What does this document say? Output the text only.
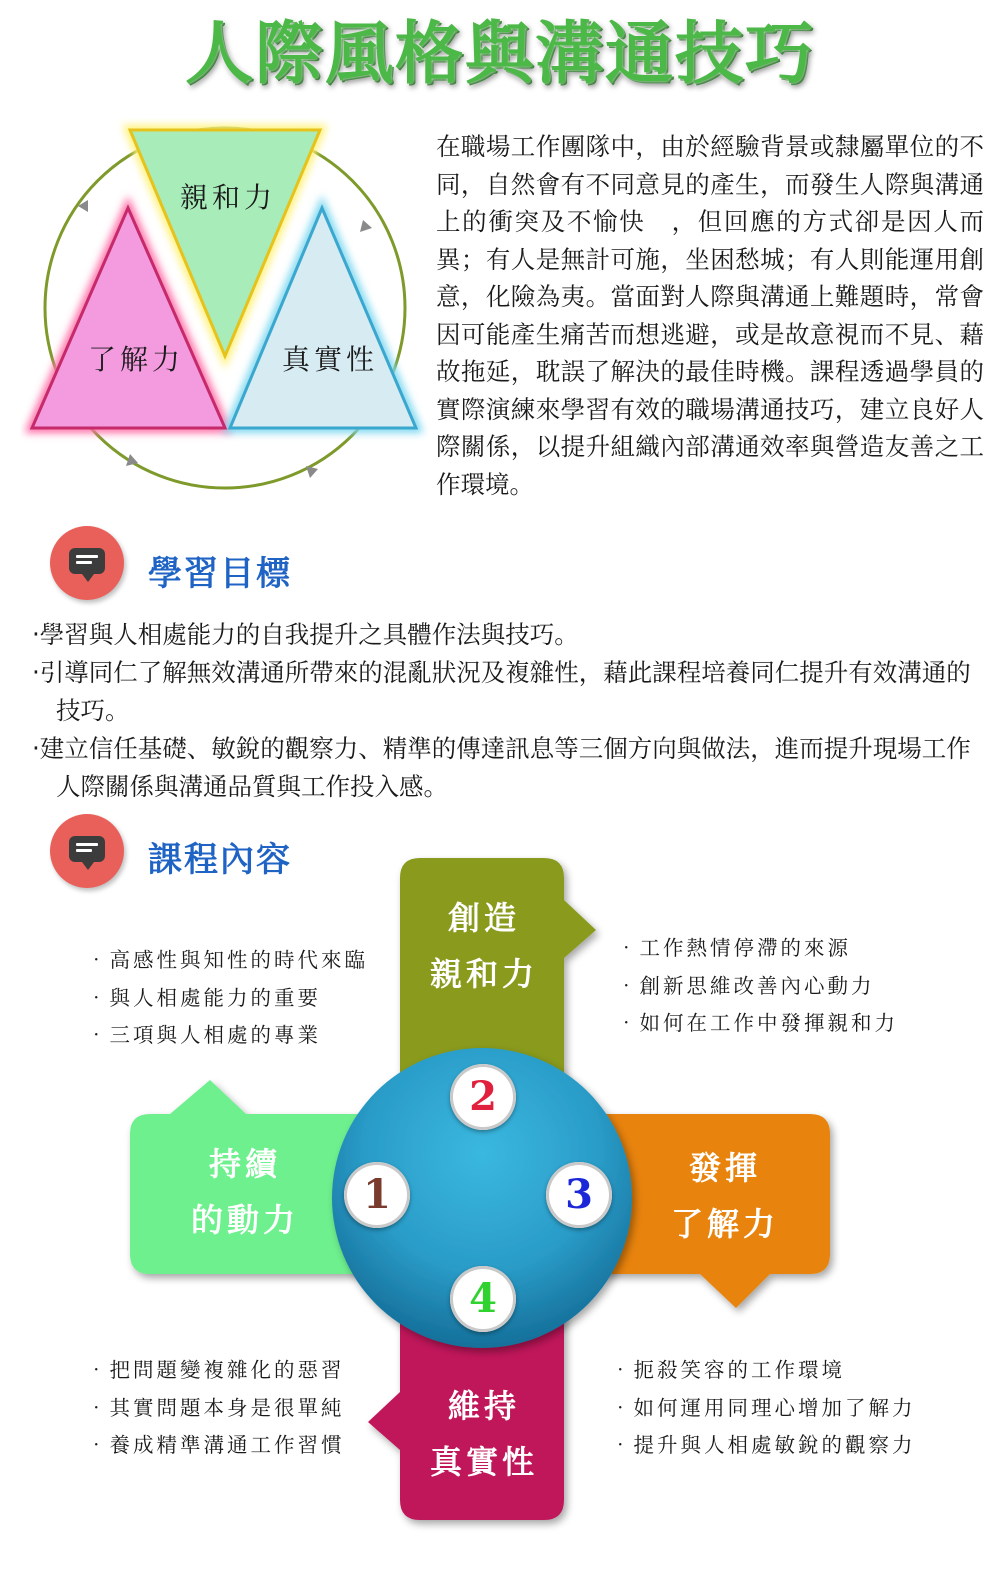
人際風格與溝通技巧
親和力
了解力	真實性
在職場工作團隊中，由於經驗背景或隸屬單位的不同，自然會有不同意見的產生，而發生人際與溝通上的衝突及不愉快　，但回應的方式卻是因人而異；有人是無計可施，坐困愁城；有人則能運用創意，化險為夷。當面對人際與溝通上難題時，常會因可能產生痛苦而想逃避，或是故意視而不見、藉故拖延，耽誤了解決的最佳時機。課程透過學員的實際演練來學習有效的職場溝通技巧，建立良好人際關係，以提升組織內部溝通效率與營造友善之工作環境。
學習目標

‧學習與人相處能力的自我提升之具體作法與技巧。

‧引導同仁了解無效溝通所帶來的混亂狀況及複雜性，藉此課程培養同仁提升有效溝通的技巧。

‧建立信任基礎、敏銳的觀察力、精準的傳達訊息等三個方向與做法，進而提升現場工作人際關係與溝通品質與工作投入感。

課程內容
創造
親和力
持續
的動力
發揮
了解力
維持
真實性
2
1	3
4
‧高感性與知性的時代來臨
‧與人相處能力的重要
‧三項與人相處的專業
‧工作熱情停滯的來源
‧創新思維改善內心動力
‧如何在工作中發揮親和力
‧把問題變複雜化的惡習
‧其實問題本身是很單純
‧養成精準溝通工作習慣
‧扼殺笑容的工作環境
‧如何運用同理心增加了解力
‧提升與人相處敏銳的觀察力
